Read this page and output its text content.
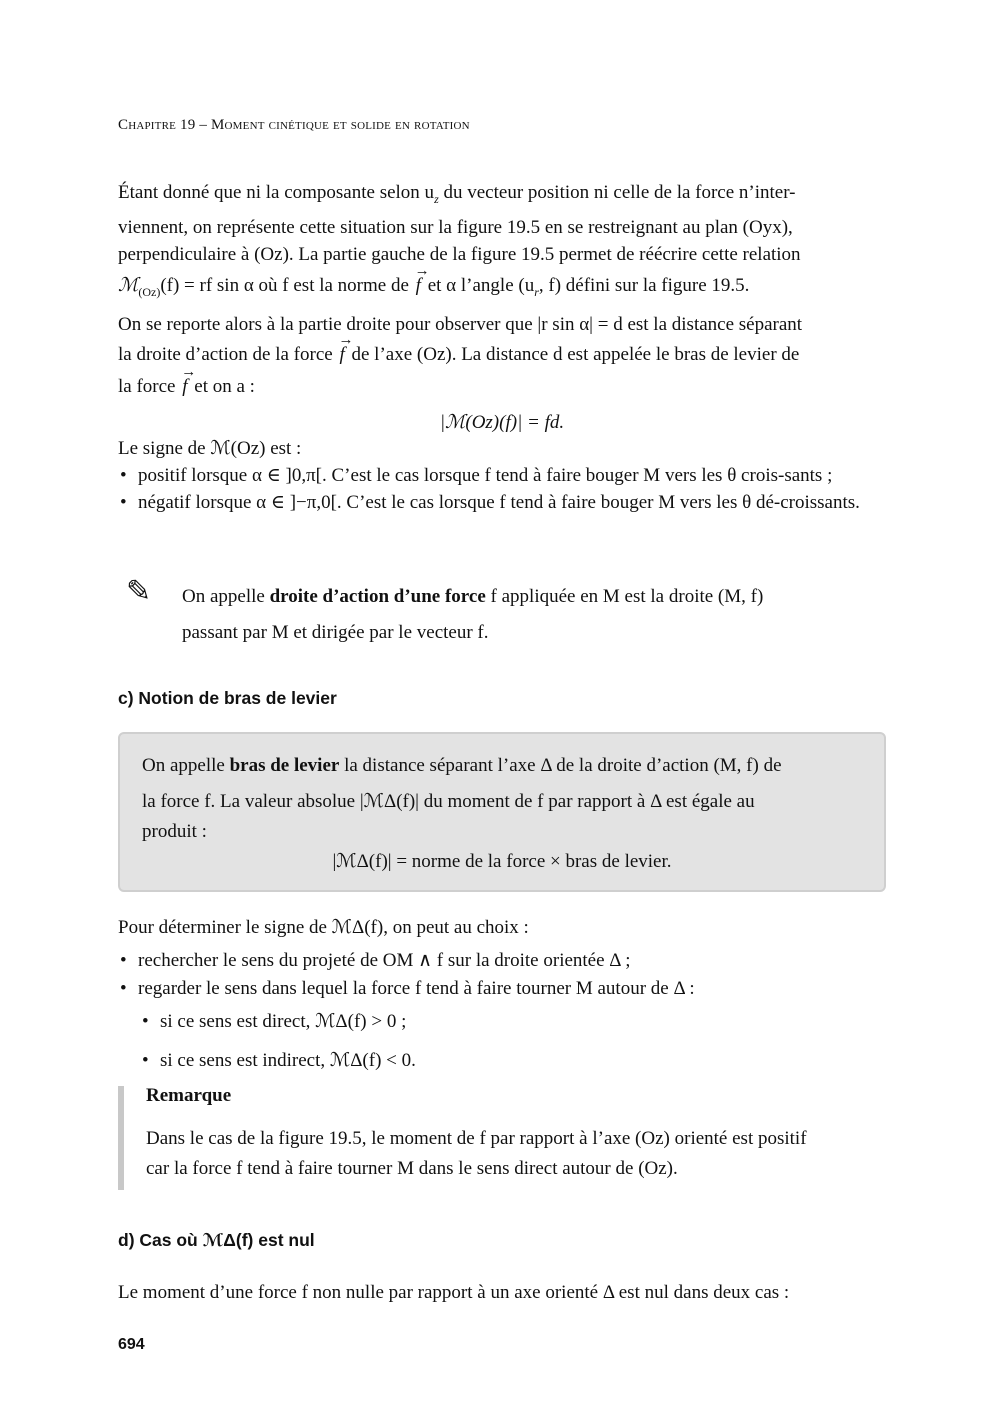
Chapitre 19 – Moment cinétique et solide en rotation

Étant donné que ni la composante selon $u_z$ du vecteur position ni celle de la force n’inter-

viennent, on représente cette situation sur la figure 19.5 en se restreignant au plan (Oyx),

perpendiculaire à (Oz). La partie gauche de la figure 19.5 permet de réécrire cette relation

ℳ$_{(Oz)}$(f) = rf sin α où f est la norme de → f et α l’angle ($u_r$, f) défini sur la figure 19.5.

On se reporte alors à la partie droite pour observer que |r sin α| = d est la distance séparant

la droite d’action de la force → f de l’axe (Oz). La distance d est appelée le bras de levier de

la force → f et on a :

|ℳ(Oz)(f)| = fd.

Le signe de ℳ(Oz) est :

• positif lorsque α ∈ ]0,π[. C’est le cas lorsque f tend à faire bouger M vers les θ crois-sants ;
• négatif lorsque α ∈ ]−π,0[. C’est le cas lorsque f tend à faire bouger M vers les θ dé-croissants.
✎ On appelle droite d’action d’une force f appliquée en M est la droite (M, f)

passant par M et dirigée par le vecteur f.

c) Notion de bras de levier

On appelle bras de levier la distance séparant l’axe Δ de la droite d’action (M, f) de

la force f. La valeur absolue |ℳΔ(f)| du moment de f par rapport à Δ est égale au

produit :

|ℳΔ(f)| = norme de la force × bras de levier.

Pour déterminer le signe de ℳΔ(f), on peut au choix :

• rechercher le sens du projeté de OM ∧ f sur la droite orientée Δ ;
• regarder le sens dans lequel la force f tend à faire tourner M autour de Δ :
• si ce sens est direct, ℳΔ(f) > 0 ;
• si ce sens est indirect, ℳΔ(f) < 0.

Remarque

Dans le cas de la figure 19.5, le moment de f par rapport à l’axe (Oz) orienté est positif

car la force f tend à faire tourner M dans le sens direct autour de (Oz).

d) Cas où ℳΔ(f) est nul

Le moment d’une force f non nulle par rapport à un axe orienté Δ est nul dans deux cas :

694
